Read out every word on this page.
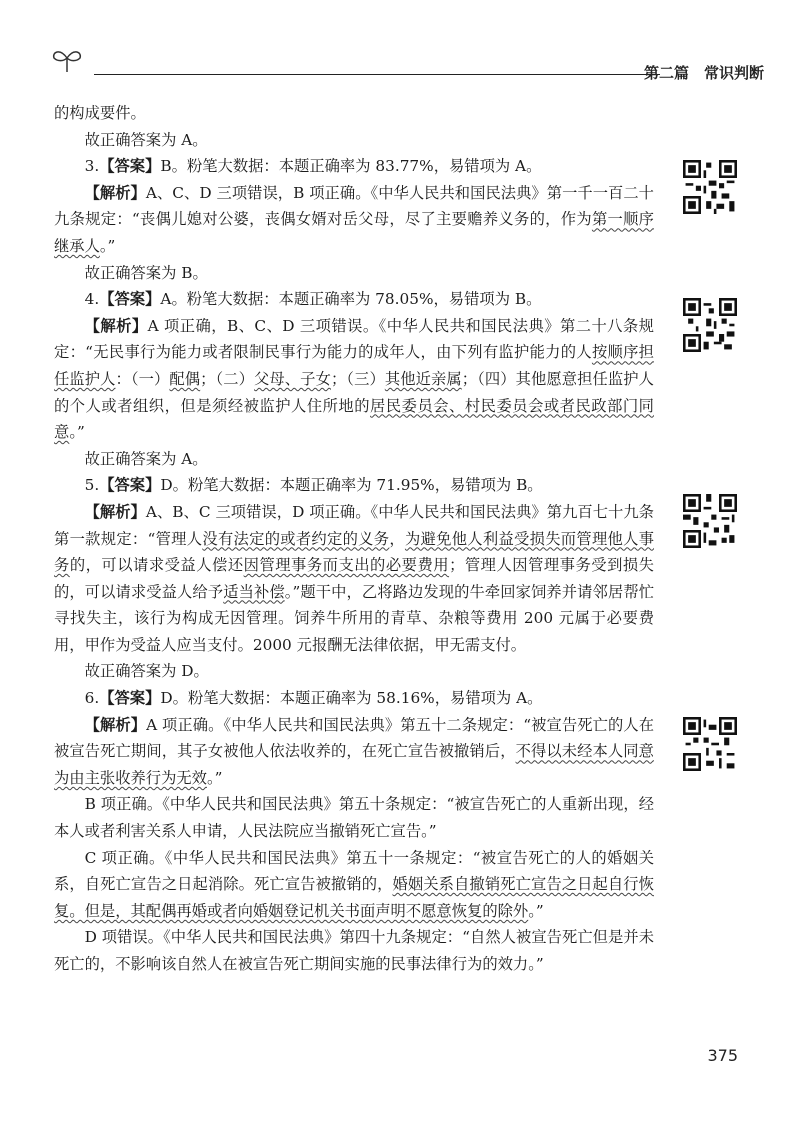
第二篇　常识判断

的构成要件。

故正确答案为 A。

3.【答案】B。粉笔大数据：本题正确率为 83.77%，易错项为 A。

【解析】A、C、D 三项错误，B 项正确。《中华人民共和国民法典》第一千一百二十九条规定：“丧偶儿媳对公婆，丧偶女婿对岳父母，尽了主要赡养义务的，作为第一顺序继承人。”

故正确答案为 B。

4.【答案】A。粉笔大数据：本题正确率为 78.05%，易错项为 B。

【解析】A 项正确，B、C、D 三项错误。《中华人民共和国民法典》第二十八条规定：“无民事行为能力或者限制民事行为能力的成年人，由下列有监护能力的人按顺序担任监护人：（一）配偶；（二）父母、子女；（三）其他近亲属；（四）其他愿意担任监护人的个人或者组织，但是须经被监护人住所地的居民委员会、村民委员会或者民政部门同意。”

故正确答案为 A。

5.【答案】D。粉笔大数据：本题正确率为 71.95%，易错项为 B。

【解析】A、B、C 三项错误，D 项正确。《中华人民共和国民法典》第九百七十九条第一款规定：“管理人没有法定的或者约定的义务，为避免他人利益受损失而管理他人事务的，可以请求受益人偿还因管理事务而支出的必要费用；管理人因管理事务受到损失的，可以请求受益人给予适当补偿。”题干中，乙将路边发现的牛牵回家饲养并请邻居帮忙寻找失主，该行为构成无因管理。饲养牛所用的青草、杂粮等费用 200 元属于必要费用，甲作为受益人应当支付。2000 元报酬无法律依据，甲无需支付。

故正确答案为 D。

6.【答案】D。粉笔大数据：本题正确率为 58.16%，易错项为 A。

【解析】A 项正确。《中华人民共和国民法典》第五十二条规定：“被宣告死亡的人在被宣告死亡期间，其子女被他人依法收养的，在死亡宣告被撤销后，不得以未经本人同意为由主张收养行为无效。”

B 项正确。《中华人民共和国民法典》第五十条规定：“被宣告死亡的人重新出现，经本人或者利害关系人申请，人民法院应当撤销死亡宣告。”

C 项正确。《中华人民共和国民法典》第五十一条规定：“被宣告死亡的人的婚姻关系，自死亡宣告之日起消除。死亡宣告被撤销的，婚姻关系自撤销死亡宣告之日起自行恢复。但是，其配偶再婚或者向婚姻登记机关书面声明不愿意恢复的除外。”

D 项错误。《中华人民共和国民法典》第四十九条规定：“自然人被宣告死亡但是并未死亡的，不影响该自然人在被宣告死亡期间实施的民事法律行为的效力。”

375
